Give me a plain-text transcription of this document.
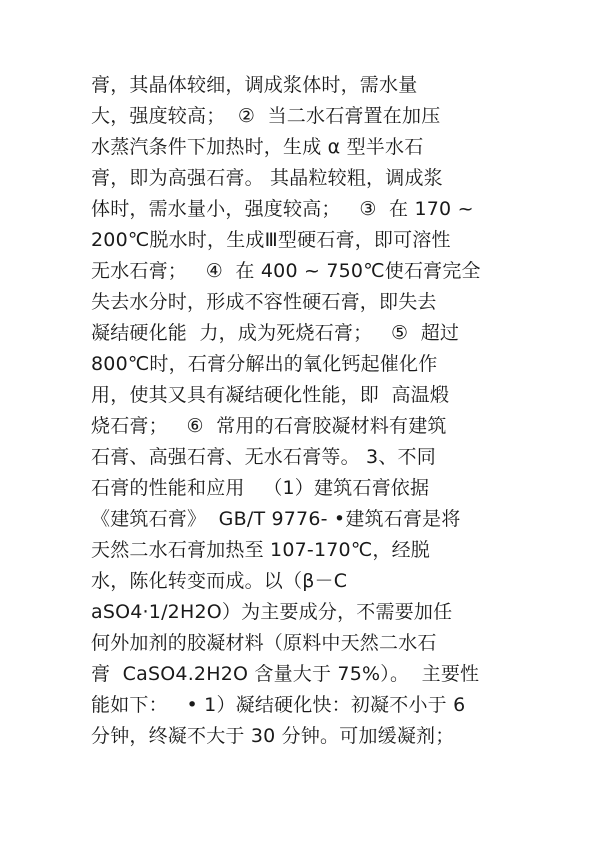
膏，其晶体较细，调成浆体时，需水量
大，强度较高；  ②  当二水石膏置在加压
水蒸汽条件下加热时，生成 α 型半水石
膏，即为高强石膏。 其晶粒较粗，调成浆
体时，需水量小，强度较高；   ③  在 170 ~
200℃脱水时，生成Ⅲ型硬石膏，即可溶性
无水石膏；   ④  在 400 ~ 750℃使石膏完全
失去水分时，形成不容性硬石膏，即失去
凝结硬化能  力，成为死烧石膏；   ⑤  超过
800℃时，石膏分解出的氧化钙起催化作
用，使其又具有凝结硬化性能，即  高温煅
烧石膏；   ⑥  常用的石膏胶凝材料有建筑
石膏、高强石膏、无水石膏等。 3、不同
石膏的性能和应用   （1）建筑石膏依据
《建筑石膏》  GB/T 9776- •建筑石膏是将
天然二水石膏加热至 107-170℃，经脱
水，陈化转变而成。以（β－C
aSO4·1/2H2O）为主要成分，不需要加任
何外加剂的胶凝材料（原料中天然二水石
膏  CaSO4.2H2O 含量大于 75%）。  主要性
能如下：   • 1）凝结硬化快：初凝不小于 6
分钟，终凝不大于 30 分钟。可加缓凝剂；
